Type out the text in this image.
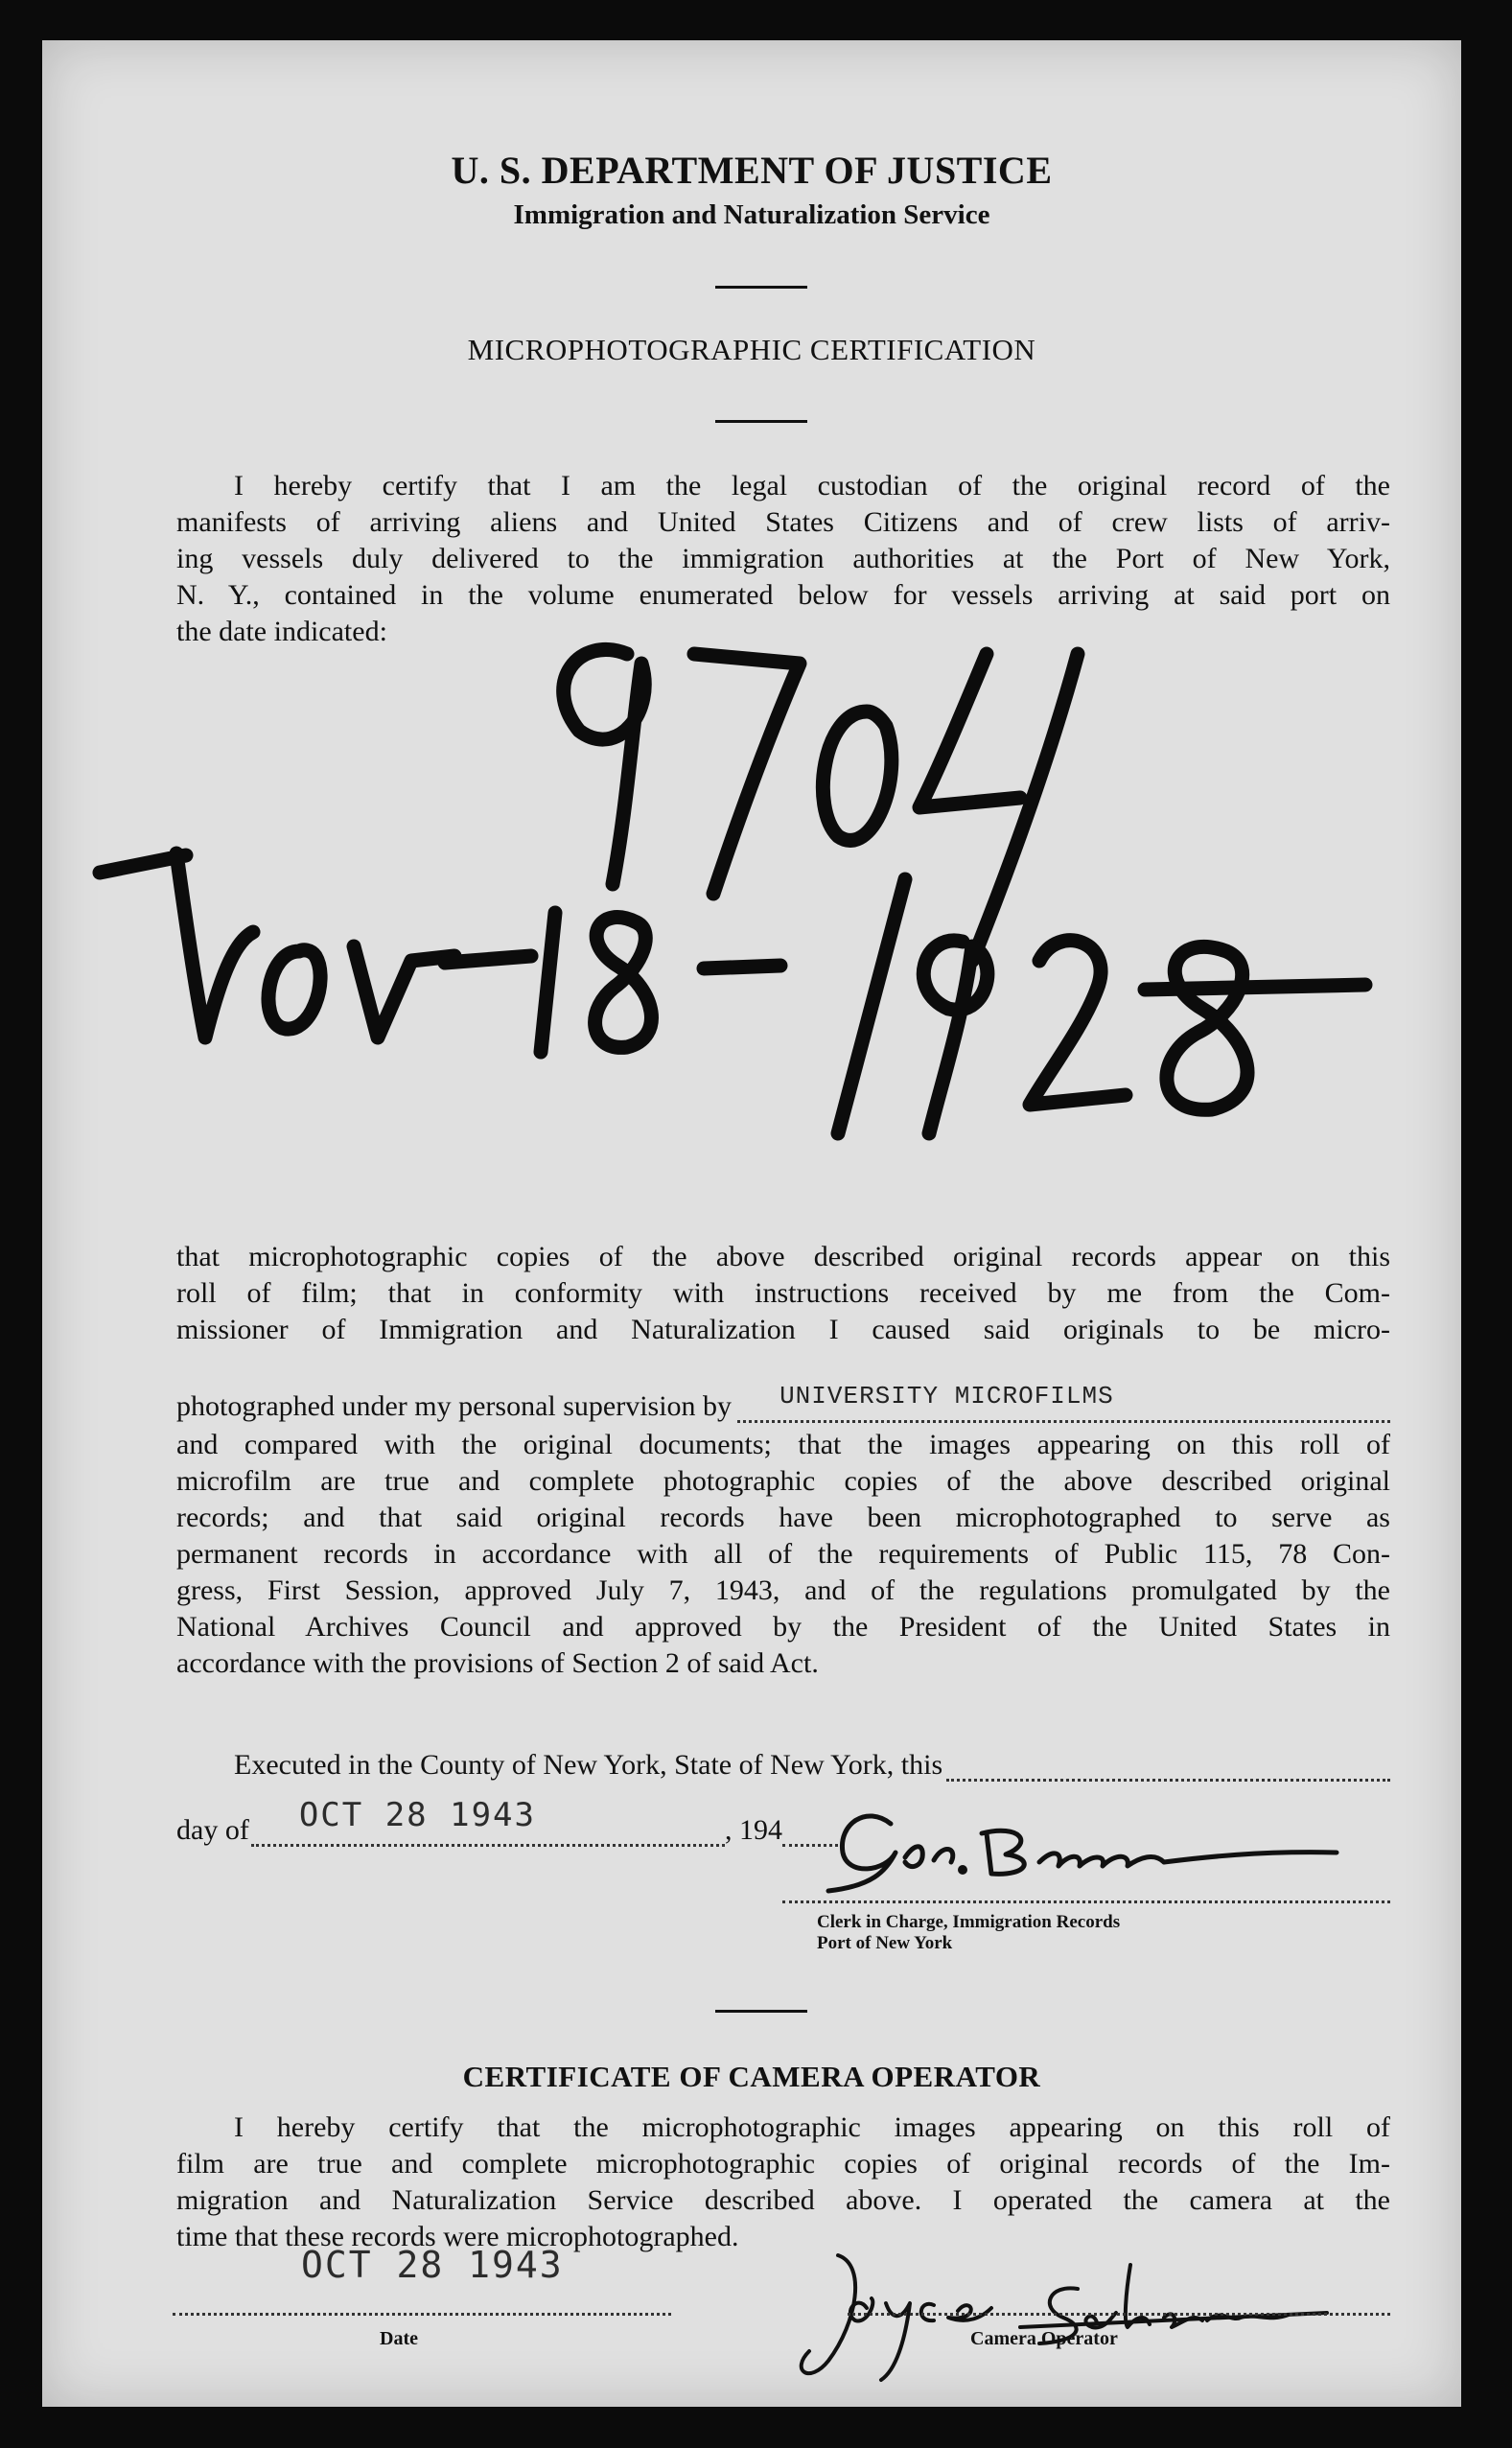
U. S. DEPARTMENT OF JUSTICE
Immigration and Naturalization Service
MICROPHOTOGRAPHIC CERTIFICATION
I hereby certify that I am the legal custodian of the original record of the
manifests of arriving aliens and United States Citizens and of crew lists of arriv-
ing vessels duly delivered to the immigration authorities at the Port of New York,
N. Y., contained in the volume enumerated below for vessels arriving at said port on
the date indicated:
that microphotographic copies of the above described original records appear on this
roll of film; that in conformity with instructions received by me from the Com-
missioner of Immigration and Naturalization I caused said originals to be micro-
photographed under my personal supervision by UNIVERSITY MICROFILMS
and compared with the original documents; that the images appearing on this roll of
microfilm are true and complete photographic copies of the above described original
records; and that said original records have been microphotographed to serve as
permanent records in accordance with all of the requirements of Public 115, 78 Con-
gress, First Session, approved July 7, 1943, and of the regulations promulgated by the
National Archives Council and approved by the President of the United States in
accordance with the provisions of Section 2 of said Act.
Executed in the County of New York, State of New York, this
day of OCT 28 1943	, 194
Clerk in Charge, Immigration Records
Port of New York
CERTIFICATE OF CAMERA OPERATOR
I hereby certify that the microphotographic images appearing on this roll of
film are true and complete microphotographic copies of original records of the Im-
migration and Naturalization Service described above. I operated the camera at the
time that these records were microphotographed.
OCT 28 1943
Date	Camera Operator
